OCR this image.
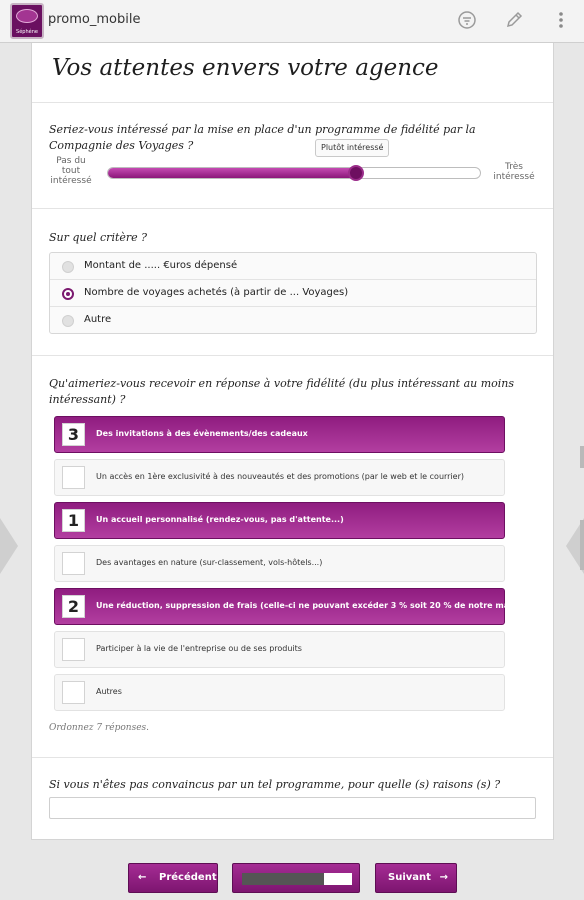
Séphéne
promo_mobile
Vos attentes envers votre agence
Seriez-vous intéressé par la mise en place d'un programme de fidélité par la Compagnie des Voyages ?
Pas du tout intéressé
Très intéressé
Plutôt intéressé
Sur quel critère ?
Montant de ..... €uros dépensé
Nombre de voyages achetés (à partir de ... Voyages)
Autre
Qu'aimeriez-vous recevoir en réponse à votre fidélité (du plus intéressant au moins intéressant) ?
3	Des invitations à des évènements/des cadeaux
Un accès en 1ère exclusivité à des nouveautés et des promotions (par le web et le courrier)
1	Un accueil personnalisé (rendez-vous, pas d'attente...)
Des avantages en nature (sur-classement, vols-hôtels...)
2	Une réduction, suppression de frais (celle-ci ne pouvant excéder 3 % soit 20 % de notre marge)
Participer à la vie de l'entreprise ou de ses produits
Autres
Ordonnez 7 réponses.
Si vous n'êtes pas convaincus par un tel programme, pour quelle (s) raisons (s) ?
← Précédent	Suivant →
